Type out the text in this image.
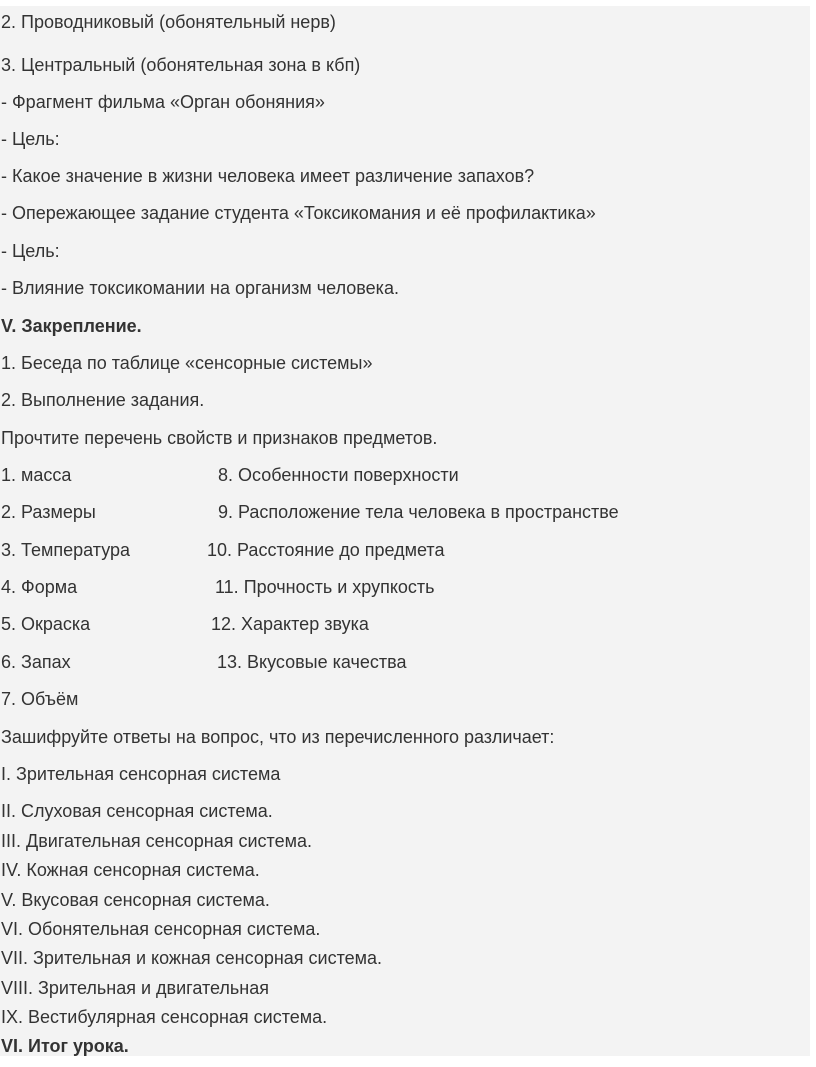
2. Проводниковый (обонятельный нерв)
3. Центральный (обонятельная зона в кбп)
- Фрагмент фильма «Орган обоняния»
- Цель:
- Какое значение в жизни человека имеет различение запахов?
- Опережающее задание студента «Токсикомания и её профилактика»
- Цель:
- Влияние токсикомании на организм человека.
V. Закрепление.
1. Беседа по таблице «сенсорные системы»
2. Выполнение задания.
Прочтите перечень свойств и признаков предметов.
1. масса	8. Особенности поверхности
2. Размеры	9. Расположение тела человека в пространстве
3. Температура	10. Расстояние до предмета
4. Форма	11. Прочность и хрупкость
5. Окраска	12. Характер звука
6. Запах	13. Вкусовые качества
7. Объём
Зашифруйте ответы на вопрос, что из перечисленного различает:
I. Зрительная сенсорная система
II. Слуховая сенсорная система.
III. Двигательная сенсорная система.
IV. Кожная сенсорная система.
V. Вкусовая сенсорная система.
VI. Обонятельная сенсорная система.
VII. Зрительная и кожная сенсорная система.
VIII. Зрительная и двигательная
IX. Вестибулярная сенсорная система.
VI. Итог урока.
